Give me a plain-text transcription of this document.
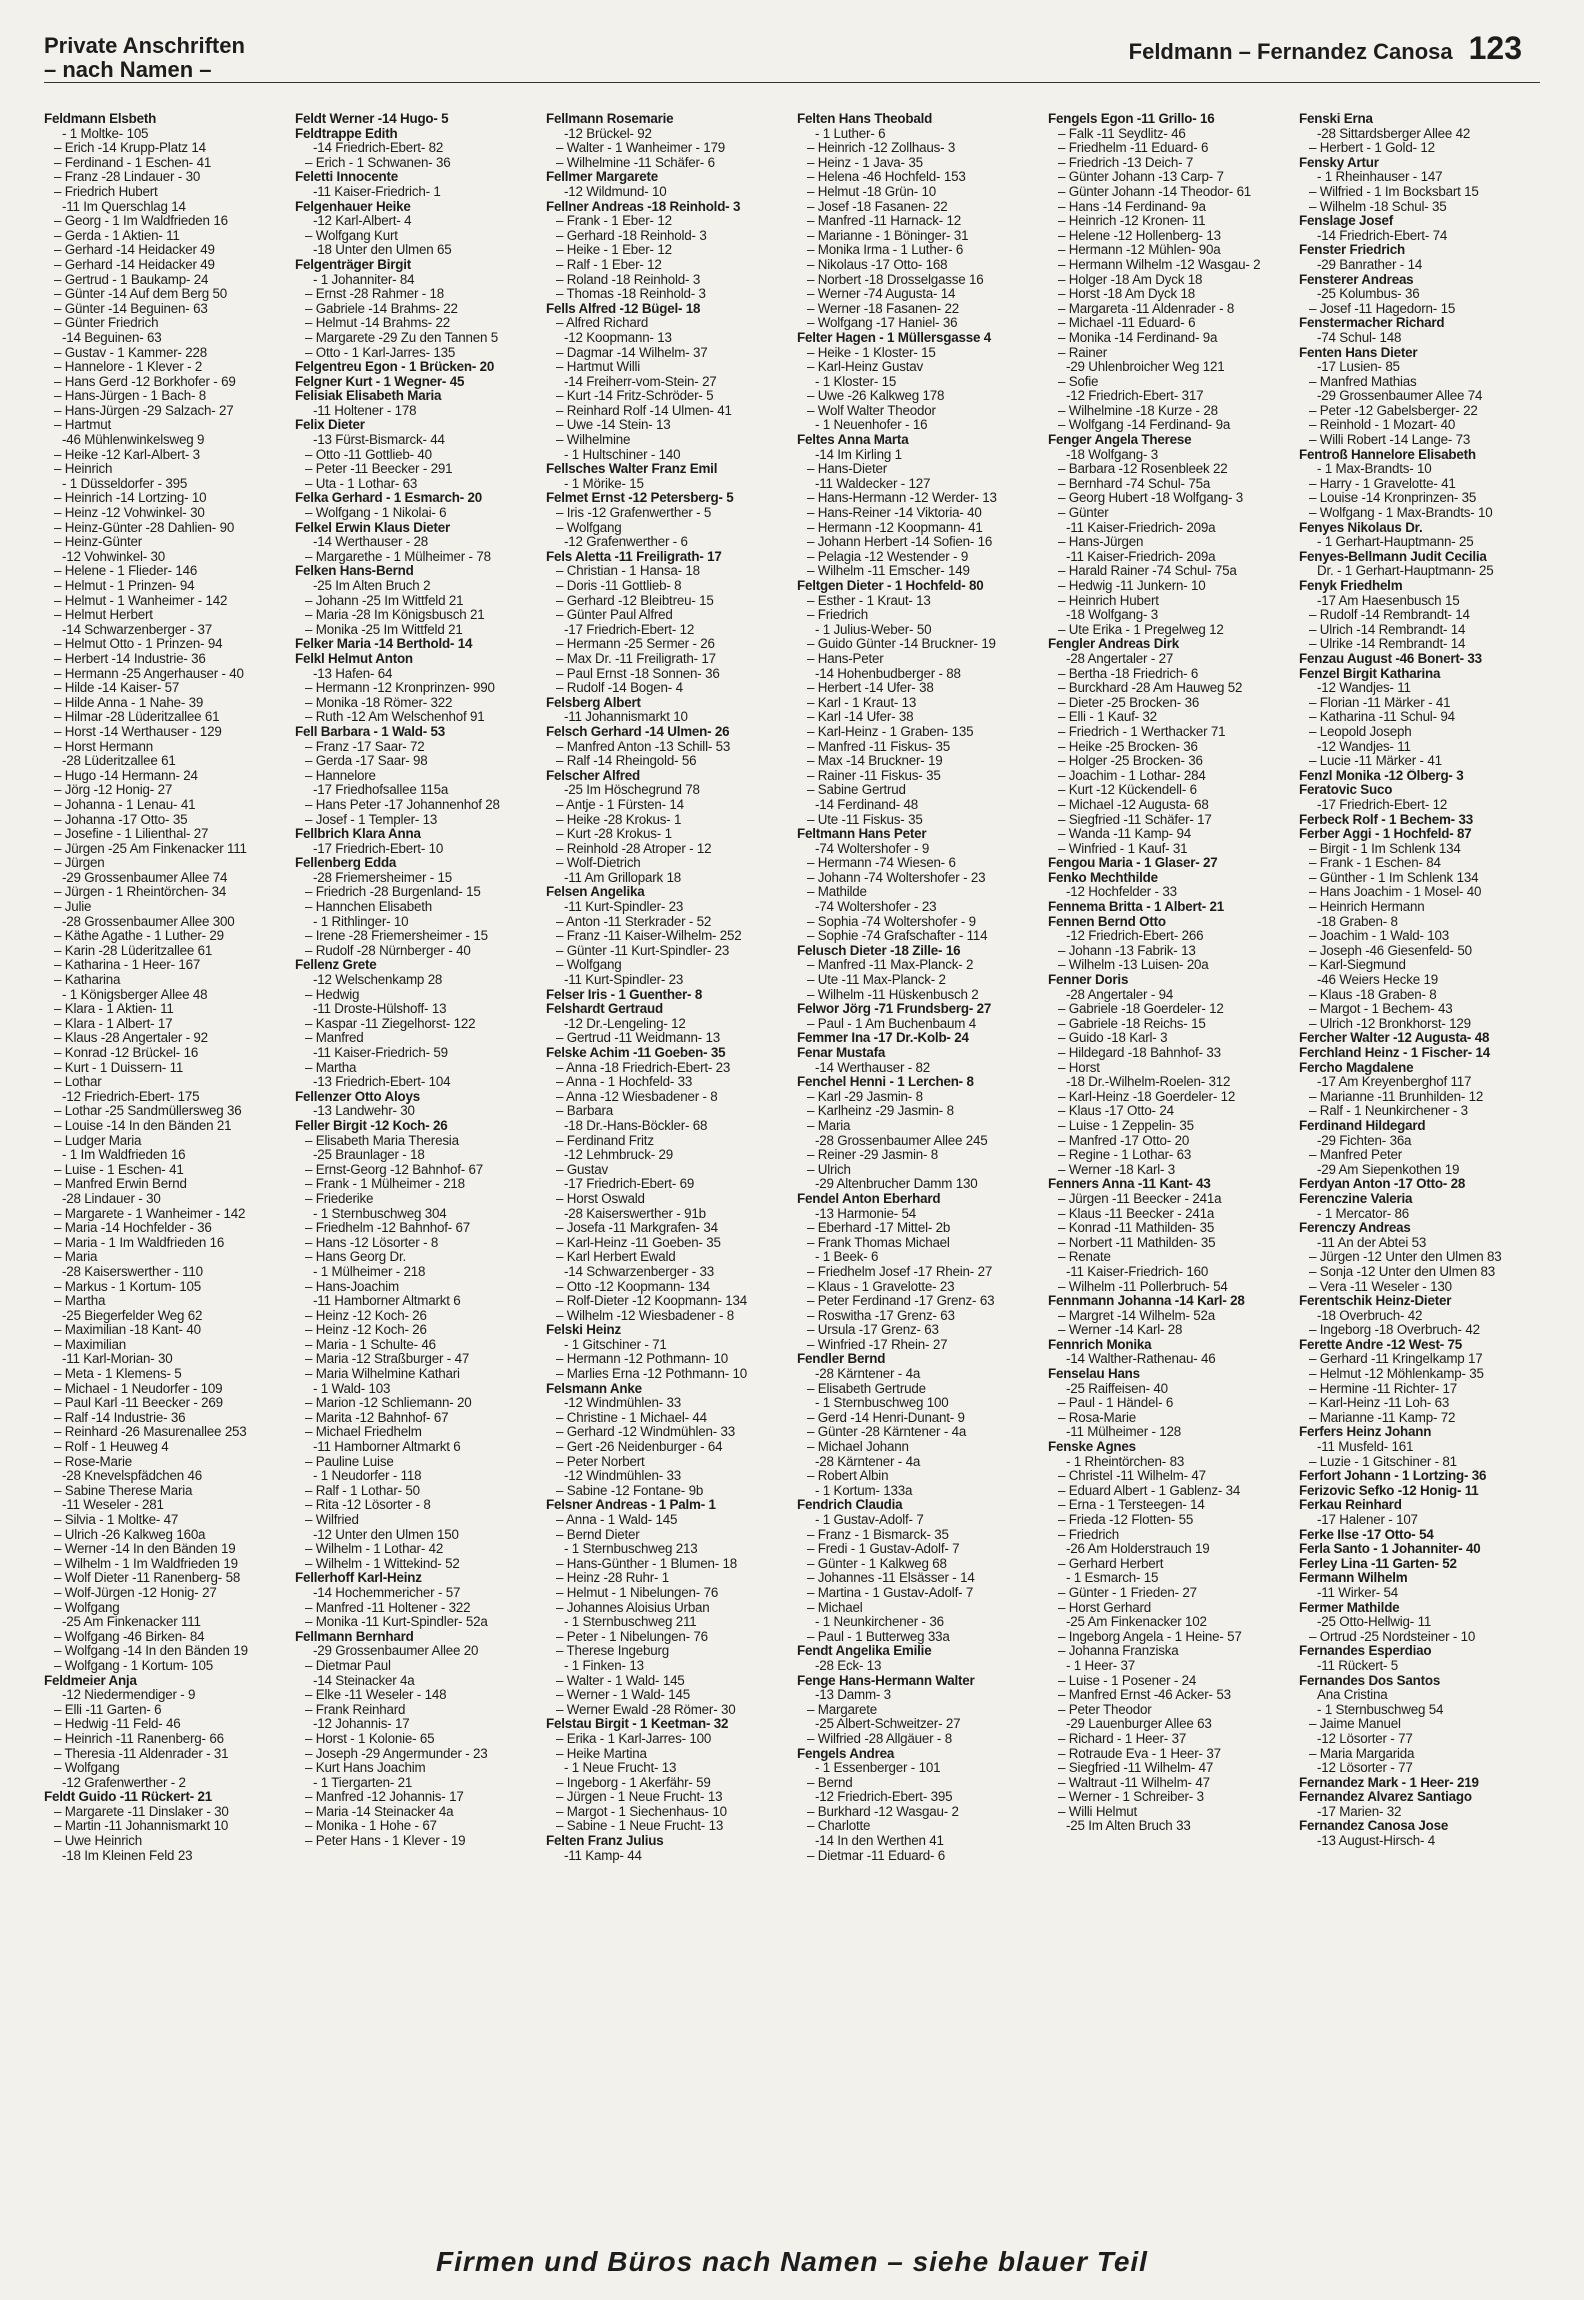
Private Anschriften
– nach Namen –
Feldmann – Fernandez Canosa 123
Feldmann Elsbeth
- 1 Moltke- 105
– Erich -14 Krupp-Platz 14
– Ferdinand - 1 Eschen- 41
– Franz -28 Lindauer - 30
– Friedrich Hubert
-11 Im Querschlag 14
– Georg - 1 Im Waldfrieden 16
– Gerda - 1 Aktien- 11
– Gerhard -14 Heidacker 49
– Gerhard -14 Heidacker 49
– Gertrud - 1 Baukamp- 24
– Günter -14 Auf dem Berg 50
– Günter -14 Beguinen- 63
– Günter Friedrich
-14 Beguinen- 63
– Gustav - 1 Kammer- 228
– Hannelore - 1 Klever - 2
– Hans Gerd -12 Borkhofer - 69
– Hans-Jürgen - 1 Bach- 8
– Hans-Jürgen -29 Salzach- 27
– Hartmut
-46 Mühlenwinkelsweg 9
– Heike -12 Karl-Albert- 3
– Heinrich
- 1 Düsseldorfer - 395
– Heinrich -14 Lortzing- 10
– Heinz -12 Vohwinkel- 30
– Heinz-Günter -28 Dahlien- 90
– Heinz-Günter
-12 Vohwinkel- 30
– Helene - 1 Flieder- 146
– Helmut - 1 Prinzen- 94
– Helmut - 1 Wanheimer - 142
– Helmut Herbert
-14 Schwarzenberger - 37
– Helmut Otto - 1 Prinzen- 94
– Herbert -14 Industrie- 36
– Hermann -25 Angerhauser - 40
– Hilde -14 Kaiser- 57
– Hilde Anna - 1 Nahe- 39
– Hilmar -28 Lüderitzallee 61
– Horst -14 Werthauser - 129
– Horst Hermann
-28 Lüderitzallee 61
– Hugo -14 Hermann- 24
– Jörg -12 Honig- 27
– Johanna - 1 Lenau- 41
– Johanna -17 Otto- 35
– Josefine - 1 Lilienthal- 27
– Jürgen -25 Am Finkenacker 111
– Jürgen
-29 Grossenbaumer Allee 74
– Jürgen - 1 Rheintörchen- 34
– Julie
-28 Grossenbaumer Allee 300
– Käthe Agathe - 1 Luther- 29
– Karin -28 Lüderitzallee 61
– Katharina - 1 Heer- 167
– Katharina
- 1 Königsberger Allee 48
– Klara - 1 Aktien- 11
– Klara - 1 Albert- 17
– Klaus -28 Angertaler - 92
– Konrad -12 Brückel- 16
– Kurt - 1 Duissern- 11
– Lothar
-12 Friedrich-Ebert- 175
– Lothar -25 Sandmüllersweg 36
– Louise -14 In den Bänden 21
– Ludger Maria
- 1 Im Waldfrieden 16
– Luise - 1 Eschen- 41
– Manfred Erwin Bernd
-28 Lindauer - 30
– Margarete - 1 Wanheimer - 142
– Maria -14 Hochfelder - 36
– Maria - 1 Im Waldfrieden 16
– Maria
-28 Kaiserswerther - 110
– Markus - 1 Kortum- 105
– Martha
-25 Biegerfelder Weg 62
– Maximilian -18 Kant- 40
– Maximilian
-11 Karl-Morian- 30
– Meta - 1 Klemens- 5
– Michael - 1 Neudorfer - 109
– Paul Karl -11 Beecker - 269
– Ralf -14 Industrie- 36
– Reinhard -26 Masurenallee 253
– Rolf - 1 Heuweg 4
– Rose-Marie
-28 Knevelspfädchen 46
– Sabine Therese Maria
-11 Weseler - 281
– Silvia - 1 Moltke- 47
– Ulrich -26 Kalkweg 160a
– Werner -14 In den Bänden 19
– Wilhelm - 1 Im Waldfrieden 19
– Wolf Dieter -11 Ranenberg- 58
– Wolf-Jürgen -12 Honig- 27
– Wolfgang
-25 Am Finkenacker 111
– Wolfgang -46 Birken- 84
– Wolfgang -14 In den Bänden 19
– Wolfgang - 1 Kortum- 105
Feldmeier Anja
-12 Niedermendiger - 9
– Elli -11 Garten- 6
– Hedwig -11 Feld- 46
– Heinrich -11 Ranenberg- 66
– Theresia -11 Aldenrader - 31
– Wolfgang
-12 Grafenwerther - 2
Feldt Guido -11 Rückert- 21
– Margarete -11 Dinslaker - 30
– Martin -11 Johannismarkt 10
– Uwe Heinrich
-18 Im Kleinen Feld 23
Feldt Werner -14 Hugo- 5
Feldtrappe Edith
-14 Friedrich-Ebert- 82
– Erich - 1 Schwanen- 36
Feletti Innocente
-11 Kaiser-Friedrich- 1
Felgenhauer Heike
-12 Karl-Albert- 4
– Wolfgang Kurt
-18 Unter den Ulmen 65
Felgenträger Birgit
- 1 Johanniter- 84
– Ernst -28 Rahmer - 18
– Gabriele -14 Brahms- 22
– Helmut -14 Brahms- 22
– Margarete -29 Zu den Tannen 5
– Otto - 1 Karl-Jarres- 135
Felgentreu Egon - 1 Brücken- 20
Felgner Kurt - 1 Wegner- 45
Felisiak Elisabeth Maria
-11 Holtener - 178
Felix Dieter
-13 Fürst-Bismarck- 44
– Otto -11 Gottlieb- 40
– Peter -11 Beecker - 291
– Uta - 1 Lothar- 63
Felka Gerhard - 1 Esmarch- 20
– Wolfgang - 1 Nikolai- 6
Felkel Erwin Klaus Dieter
-14 Werthauser - 28
– Margarethe - 1 Mülheimer - 78
Felken Hans-Bernd
-25 Im Alten Bruch 2
– Johann -25 Im Wittfeld 21
– Maria -28 Im Königsbusch 21
– Monika -25 Im Wittfeld 21
Felker Maria -14 Berthold- 14
Felkl Helmut Anton
-13 Hafen- 64
– Hermann -12 Kronprinzen- 990
– Monika -18 Römer- 322
– Ruth -12 Am Welschenhof 91
Fell Barbara - 1 Wald- 53
– Franz -17 Saar- 72
– Gerda -17 Saar- 98
– Hannelore
-17 Friedhofsallee 115a
– Hans Peter -17 Johannenhof 28
– Josef - 1 Templer- 13
Fellbrich Klara Anna
-17 Friedrich-Ebert- 10
Fellenberg Edda
-28 Friemersheimer - 15
– Friedrich -28 Burgenland- 15
– Hannchen Elisabeth
- 1 Rithlinger- 10
– Irene -28 Friemersheimer - 15
– Rudolf -28 Nürnberger - 40
Fellenz Grete
-12 Welschenkamp 28
– Hedwig
-11 Droste-Hülshoff- 13
– Kaspar -11 Ziegelhorst- 122
– Manfred
-11 Kaiser-Friedrich- 59
– Martha
-13 Friedrich-Ebert- 104
Fellenzer Otto Aloys
-13 Landwehr- 30
Feller Birgit -12 Koch- 26
– Elisabeth Maria Theresia
-25 Braunlager - 18
– Ernst-Georg -12 Bahnhof- 67
– Frank - 1 Mülheimer - 218
– Friederike
- 1 Sternbuschweg 304
– Friedhelm -12 Bahnhof- 67
– Hans -12 Lösorter - 8
– Hans Georg Dr.
- 1 Mülheimer - 218
– Hans-Joachim
-11 Hamborner Altmarkt 6
– Heinz -12 Koch- 26
– Heinz -12 Koch- 26
– Maria - 1 Schulte- 46
– Maria -12 Straßburger - 47
– Maria Wilhelmine Kathari
- 1 Wald- 103
– Marion -12 Schliemann- 20
– Marita -12 Bahnhof- 67
– Michael Friedhelm
-11 Hamborner Altmarkt 6
– Pauline Luise
- 1 Neudorfer - 118
– Ralf - 1 Lothar- 50
– Rita -12 Lösorter - 8
– Wilfried
-12 Unter den Ulmen 150
– Wilhelm - 1 Lothar- 42
– Wilhelm - 1 Wittekind- 52
Fellerhoff Karl-Heinz
-14 Hochemmericher - 57
– Manfred -11 Holtener - 322
– Monika -11 Kurt-Spindler- 52a
Fellmann Bernhard
-29 Grossenbaumer Allee 20
– Dietmar Paul
-14 Steinacker 4a
– Elke -11 Weseler - 148
– Frank Reinhard
-12 Johannis- 17
– Horst - 1 Kolonie- 65
– Joseph -29 Angermunder - 23
– Kurt Hans Joachim
- 1 Tiergarten- 21
– Manfred -12 Johannis- 17
– Maria -14 Steinacker 4a
– Monika - 1 Hohe - 67
– Peter Hans - 1 Klever - 19
Fellmann Rosemarie
-12 Brückel- 92
– Walter - 1 Wanheimer - 179
– Wilhelmine -11 Schäfer- 6
Fellmer Margarete
-12 Wildmund- 10
Fellner Andreas -18 Reinhold- 3
– Frank - 1 Eber- 12
– Gerhard -18 Reinhold- 3
– Heike - 1 Eber- 12
– Ralf - 1 Eber- 12
– Roland -18 Reinhold- 3
– Thomas -18 Reinhold- 3
Fells Alfred -12 Bügel- 18
– Alfred Richard
-12 Koopmann- 13
– Dagmar -14 Wilhelm- 37
– Hartmut Willi
-14 Freiherr-vom-Stein- 27
– Kurt -14 Fritz-Schröder- 5
– Reinhard Rolf -14 Ulmen- 41
– Uwe -14 Stein- 13
– Wilhelmine
- 1 Hultschiner - 140
Fellsches Walter Franz Emil
- 1 Mörike- 15
Felmet Ernst -12 Petersberg- 5
– Iris -12 Grafenwerther - 5
– Wolfgang
-12 Grafenwerther - 6
Fels Aletta -11 Freiligrath- 17
– Christian - 1 Hansa- 18
– Doris -11 Gottlieb- 8
– Gerhard -12 Bleibtreu- 15
– Günter Paul Alfred
-17 Friedrich-Ebert- 12
– Hermann -25 Sermer - 26
– Max Dr. -11 Freiligrath- 17
– Paul Ernst -18 Sonnen- 36
– Rudolf -14 Bogen- 4
Felsberg Albert
-11 Johannismarkt 10
Felsch Gerhard -14 Ulmen- 26
– Manfred Anton -13 Schill- 53
– Ralf -14 Rheingold- 56
Felscher Alfred
-25 Im Höschegrund 78
– Antje - 1 Fürsten- 14
– Heike -28 Krokus- 1
– Kurt -28 Krokus- 1
– Reinhold -28 Atroper - 12
– Wolf-Dietrich
-11 Am Grillopark 18
Felsen Angelika
-11 Kurt-Spindler- 23
– Anton -11 Sterkrader - 52
– Franz -11 Kaiser-Wilhelm- 252
– Günter -11 Kurt-Spindler- 23
– Wolfgang
-11 Kurt-Spindler- 23
Felser Iris - 1 Guenther- 8
Felshardt Gertraud
-12 Dr.-Lengeling- 12
– Gertrud -11 Weidmann- 13
Felske Achim -11 Goeben- 35
– Anna -18 Friedrich-Ebert- 23
– Anna - 1 Hochfeld- 33
– Anna -12 Wiesbadener - 8
– Barbara
-18 Dr.-Hans-Böckler- 68
– Ferdinand Fritz
-12 Lehmbruck- 29
– Gustav
-17 Friedrich-Ebert- 69
– Horst Oswald
-28 Kaiserswerther - 91b
– Josefa -11 Markgrafen- 34
– Karl-Heinz -11 Goeben- 35
– Karl Herbert Ewald
-14 Schwarzenberger - 33
– Otto -12 Koopmann- 134
– Rolf-Dieter -12 Koopmann- 134
– Wilhelm -12 Wiesbadener - 8
Felski Heinz
- 1 Gitschiner - 71
– Hermann -12 Pothmann- 10
– Marlies Erna -12 Pothmann- 10
Felsmann Anke
-12 Windmühlen- 33
– Christine - 1 Michael- 44
– Gerhard -12 Windmühlen- 33
– Gert -26 Neidenburger - 64
– Peter Norbert
-12 Windmühlen- 33
– Sabine -12 Fontane- 9b
Felsner Andreas - 1 Palm- 1
– Anna - 1 Wald- 145
– Bernd Dieter
- 1 Sternbuschweg 213
– Hans-Günther - 1 Blumen- 18
– Heinz -28 Ruhr- 1
– Helmut - 1 Nibelungen- 76
– Johannes Aloisius Urban
- 1 Sternbuschweg 211
– Peter - 1 Nibelungen- 76
– Therese Ingeburg
- 1 Finken- 13
– Walter - 1 Wald- 145
– Werner - 1 Wald- 145
– Werner Ewald -28 Römer- 30
Felstau Birgit - 1 Keetman- 32
– Erika - 1 Karl-Jarres- 100
– Heike Martina
- 1 Neue Frucht- 13
– Ingeborg - 1 Akerfähr- 59
– Jürgen - 1 Neue Frucht- 13
– Margot - 1 Siechenhaus- 10
– Sabine - 1 Neue Frucht- 13
Felten Franz Julius
-11 Kamp- 44
Felten Hans Theobald
- 1 Luther- 6
– Heinrich -12 Zollhaus- 3
– Heinz - 1 Java- 35
– Helena -46 Hochfeld- 153
– Helmut -18 Grün- 10
– Josef -18 Fasanen- 22
– Manfred -11 Harnack- 12
– Marianne - 1 Böninger- 31
– Monika Irma - 1 Luther- 6
– Nikolaus -17 Otto- 168
– Norbert -18 Drosselgasse 16
– Werner -74 Augusta- 14
– Werner -18 Fasanen- 22
– Wolfgang -17 Haniel- 36
Felter Hagen - 1 Müllersgasse 4
– Heike - 1 Kloster- 15
– Karl-Heinz Gustav
- 1 Kloster- 15
– Uwe -26 Kalkweg 178
– Wolf Walter Theodor
- 1 Neuenhofer - 16
Feltes Anna Marta
-14 Im Kirling 1
– Hans-Dieter
-11 Waldecker - 127
– Hans-Hermann -12 Werder- 13
– Hans-Reiner -14 Viktoria- 40
– Hermann -12 Koopmann- 41
– Johann Herbert -14 Sofien- 16
– Pelagia -12 Westender - 9
– Wilhelm -11 Emscher- 149
Feltgen Dieter - 1 Hochfeld- 80
– Esther - 1 Kraut- 13
– Friedrich
- 1 Julius-Weber- 50
– Guido Günter -14 Bruckner- 19
– Hans-Peter
-14 Hohenbudberger - 88
– Herbert -14 Ufer- 38
– Karl - 1 Kraut- 13
– Karl -14 Ufer- 38
– Karl-Heinz - 1 Graben- 135
– Manfred -11 Fiskus- 35
– Max -14 Bruckner- 19
– Rainer -11 Fiskus- 35
– Sabine Gertrud
-14 Ferdinand- 48
– Ute -11 Fiskus- 35
Feltmann Hans Peter
-74 Woltershofer - 9
– Hermann -74 Wiesen- 6
– Johann -74 Woltershofer - 23
– Mathilde
-74 Woltershofer - 23
– Sophia -74 Woltershofer - 9
– Sophie -74 Grafschafter - 114
Felusch Dieter -18 Zille- 16
– Manfred -11 Max-Planck- 2
– Ute -11 Max-Planck- 2
– Wilhelm -11 Hüskenbusch 2
Felwor Jörg -71 Frundsberg- 27
– Paul - 1 Am Buchenbaum 4
Femmer Ina -17 Dr.-Kolb- 24
Fenar Mustafa
-14 Werthauser - 82
Fenchel Henni - 1 Lerchen- 8
– Karl -29 Jasmin- 8
– Karlheinz -29 Jasmin- 8
– Maria
-28 Grossenbaumer Allee 245
– Reiner -29 Jasmin- 8
– Ulrich
-29 Altenbrucher Damm 130
Fendel Anton Eberhard
-13 Harmonie- 54
– Eberhard -17 Mittel- 2b
– Frank Thomas Michael
- 1 Beek- 6
– Friedhelm Josef -17 Rhein- 27
– Klaus - 1 Gravelotte- 23
– Peter Ferdinand -17 Grenz- 63
– Roswitha -17 Grenz- 63
– Ursula -17 Grenz- 63
– Winfried -17 Rhein- 27
Fendler Bernd
-28 Kärntener - 4a
– Elisabeth Gertrude
- 1 Sternbuschweg 100
– Gerd -14 Henri-Dunant- 9
– Günter -28 Kärntener - 4a
– Michael Johann
-28 Kärntener - 4a
– Robert Albin
- 1 Kortum- 133a
Fendrich Claudia
- 1 Gustav-Adolf- 7
– Franz - 1 Bismarck- 35
– Fredi - 1 Gustav-Adolf- 7
– Günter - 1 Kalkweg 68
– Johannes -11 Elsässer - 14
– Martina - 1 Gustav-Adolf- 7
– Michael
- 1 Neunkirchener - 36
– Paul - 1 Butterweg 33a
Fendt Angelika Emilie
-28 Eck- 13
Fenge Hans-Hermann Walter
-13 Damm- 3
– Margarete
-25 Albert-Schweitzer- 27
– Wilfried -28 Allgäuer - 8
Fengels Andrea
- 1 Essenberger - 101
– Bernd
-12 Friedrich-Ebert- 395
– Burkhard -12 Wasgau- 2
– Charlotte
-14 In den Werthen 41
– Dietmar -11 Eduard- 6
Fengels Egon -11 Grillo- 16
– Falk -11 Seydlitz- 46
– Friedhelm -11 Eduard- 6
– Friedrich -13 Deich- 7
– Günter Johann -13 Carp- 7
– Günter Johann -14 Theodor- 61
– Hans -14 Ferdinand- 9a
– Heinrich -12 Kronen- 11
– Helene -12 Hollenberg- 13
– Hermann -12 Mühlen- 90a
– Hermann Wilhelm -12 Wasgau- 2
– Holger -18 Am Dyck 18
– Horst -18 Am Dyck 18
– Margareta -11 Aldenrader - 8
– Michael -11 Eduard- 6
– Monika -14 Ferdinand- 9a
– Rainer
-29 Uhlenbroicher Weg 121
– Sofie
-12 Friedrich-Ebert- 317
– Wilhelmine -18 Kurze - 28
– Wolfgang -14 Ferdinand- 9a
Fenger Angela Therese
-18 Wolfgang- 3
– Barbara -12 Rosenbleek 22
– Bernhard -74 Schul- 75a
– Georg Hubert -18 Wolfgang- 3
– Günter
-11 Kaiser-Friedrich- 209a
– Hans-Jürgen
-11 Kaiser-Friedrich- 209a
– Harald Rainer -74 Schul- 75a
– Hedwig -11 Junkern- 10
– Heinrich Hubert
-18 Wolfgang- 3
– Ute Erika - 1 Pregelweg 12
Fengler Andreas Dirk
-28 Angertaler - 27
– Bertha -18 Friedrich- 6
– Burckhard -28 Am Hauweg 52
– Dieter -25 Brocken- 36
– Elli - 1 Kauf- 32
– Friedrich - 1 Werthacker 71
– Heike -25 Brocken- 36
– Holger -25 Brocken- 36
– Joachim - 1 Lothar- 284
– Kurt -12 Kückendell- 6
– Michael -12 Augusta- 68
– Siegfried -11 Schäfer- 17
– Wanda -11 Kamp- 94
– Winfried - 1 Kauf- 31
Fengou Maria - 1 Glaser- 27
Fenko Mechthilde
-12 Hochfelder - 33
Fennema Britta - 1 Albert- 21
Fennen Bernd Otto
-12 Friedrich-Ebert- 266
– Johann -13 Fabrik- 13
– Wilhelm -13 Luisen- 20a
Fenner Doris
-28 Angertaler - 94
– Gabriele -18 Goerdeler- 12
– Gabriele -18 Reichs- 15
– Guido -18 Karl- 3
– Hildegard -18 Bahnhof- 33
– Horst
-18 Dr.-Wilhelm-Roelen- 312
– Karl-Heinz -18 Goerdeler- 12
– Klaus -17 Otto- 24
– Luise - 1 Zeppelin- 35
– Manfred -17 Otto- 20
– Regine - 1 Lothar- 63
– Werner -18 Karl- 3
Fenners Anna -11 Kant- 43
– Jürgen -11 Beecker - 241a
– Klaus -11 Beecker - 241a
– Konrad -11 Mathilden- 35
– Norbert -11 Mathilden- 35
– Renate
-11 Kaiser-Friedrich- 160
– Wilhelm -11 Pollerbruch- 54
Fennmann Johanna -14 Karl- 28
– Margret -14 Wilhelm- 52a
– Werner -14 Karl- 28
Fennrich Monika
-14 Walther-Rathenau- 46
Fenselau Hans
-25 Raiffeisen- 40
– Paul - 1 Händel- 6
– Rosa-Marie
-11 Mülheimer - 128
Fenske Agnes
- 1 Rheintörchen- 83
– Christel -11 Wilhelm- 47
– Eduard Albert - 1 Gablenz- 34
– Erna - 1 Tersteegen- 14
– Frieda -12 Flotten- 55
– Friedrich
-26 Am Holderstrauch 19
– Gerhard Herbert
- 1 Esmarch- 15
– Günter - 1 Frieden- 27
– Horst Gerhard
-25 Am Finkenacker 102
– Ingeborg Angela - 1 Heine- 57
– Johanna Franziska
- 1 Heer- 37
– Luise - 1 Posener - 24
– Manfred Ernst -46 Acker- 53
– Peter Theodor
-29 Lauenburger Allee 63
– Richard - 1 Heer- 37
– Rotraude Eva - 1 Heer- 37
– Siegfried -11 Wilhelm- 47
– Waltraut -11 Wilhelm- 47
– Werner - 1 Schreiber- 3
– Willi Helmut
-25 Im Alten Bruch 33
Fenski Erna
-28 Sittardsberger Allee 42
– Herbert - 1 Gold- 12
Fensky Artur
- 1 Rheinhauser - 147
– Wilfried - 1 Im Bocksbart 15
– Wilhelm -18 Schul- 35
Fenslage Josef
-14 Friedrich-Ebert- 74
Fenster Friedrich
-29 Banrather - 14
Fensterer Andreas
-25 Kolumbus- 36
– Josef -11 Hagedorn- 15
Fenstermacher Richard
-74 Schul- 148
Fenten Hans Dieter
-17 Lusien- 85
– Manfred Mathias
-29 Grossenbaumer Allee 74
– Peter -12 Gabelsberger- 22
– Reinhold - 1 Mozart- 40
– Willi Robert -14 Lange- 73
Fentroß Hannelore Elisabeth
- 1 Max-Brandts- 10
– Harry - 1 Gravelotte- 41
– Louise -14 Kronprinzen- 35
– Wolfgang - 1 Max-Brandts- 10
Fenyes Nikolaus Dr.
- 1 Gerhart-Hauptmann- 25
Fenyes-Bellmann Judit Cecilia
Dr. - 1 Gerhart-Hauptmann- 25
Fenyk Friedhelm
-17 Am Haesenbusch 15
– Rudolf -14 Rembrandt- 14
– Ulrich -14 Rembrandt- 14
– Ulrike -14 Rembrandt- 14
Fenzau August -46 Bonert- 33
Fenzel Birgit Katharina
-12 Wandjes- 11
– Florian -11 Märker - 41
– Katharina -11 Schul- 94
– Leopold Joseph
-12 Wandjes- 11
– Lucie -11 Märker - 41
Fenzl Monika -12 Ölberg- 3
Feratovic Suco
-17 Friedrich-Ebert- 12
Ferbeck Rolf - 1 Bechem- 33
Ferber Aggi - 1 Hochfeld- 87
– Birgit - 1 Im Schlenk 134
– Frank - 1 Eschen- 84
– Günther - 1 Im Schlenk 134
– Hans Joachim - 1 Mosel- 40
– Heinrich Hermann
-18 Graben- 8
– Joachim - 1 Wald- 103
– Joseph -46 Giesenfeld- 50
– Karl-Siegmund
-46 Weiers Hecke 19
– Klaus -18 Graben- 8
– Margot - 1 Bechem- 43
– Ulrich -12 Bronkhorst- 129
Fercher Walter -12 Augusta- 48
Ferchland Heinz - 1 Fischer- 14
Fercho Magdalene
-17 Am Kreyenberghof 117
– Marianne -11 Brunhilden- 12
– Ralf - 1 Neunkirchener - 3
Ferdinand Hildegard
-29 Fichten- 36a
– Manfred Peter
-29 Am Siepenkothen 19
Ferdyan Anton -17 Otto- 28
Ferenczine Valeria
- 1 Mercator- 86
Ferenczy Andreas
-11 An der Abtei 53
– Jürgen -12 Unter den Ulmen 83
– Sonja -12 Unter den Ulmen 83
– Vera -11 Weseler - 130
Ferentschik Heinz-Dieter
-18 Overbruch- 42
– Ingeborg -18 Overbruch- 42
Ferette Andre -12 West- 75
– Gerhard -11 Kringelkamp 17
– Helmut -12 Möhlenkamp- 35
– Hermine -11 Richter- 17
– Karl-Heinz -11 Loh- 63
– Marianne -11 Kamp- 72
Ferfers Heinz Johann
-11 Musfeld- 161
– Luzie - 1 Gitschiner - 81
Ferfort Johann - 1 Lortzing- 36
Ferizovic Sefko -12 Honig- 11
Ferkau Reinhard
-17 Halener - 107
Ferke Ilse -17 Otto- 54
Ferla Santo - 1 Johanniter- 40
Ferley Lina -11 Garten- 52
Fermann Wilhelm
-11 Wirker- 54
Fermer Mathilde
-25 Otto-Hellwig- 11
– Ortrud -25 Nordsteiner - 10
Fernandes Esperdiao
-11 Rückert- 5
Fernandes Dos Santos
Ana Cristina
- 1 Sternbuschweg 54
– Jaime Manuel
-12 Lösorter - 77
– Maria Margarida
-12 Lösorter - 77
Fernandez Mark - 1 Heer- 219
Fernandez Alvarez Santiago
-17 Marien- 32
Fernandez Canosa Jose
-13 August-Hirsch- 4
Firmen und Büros nach Namen – siehe blauer Teil
